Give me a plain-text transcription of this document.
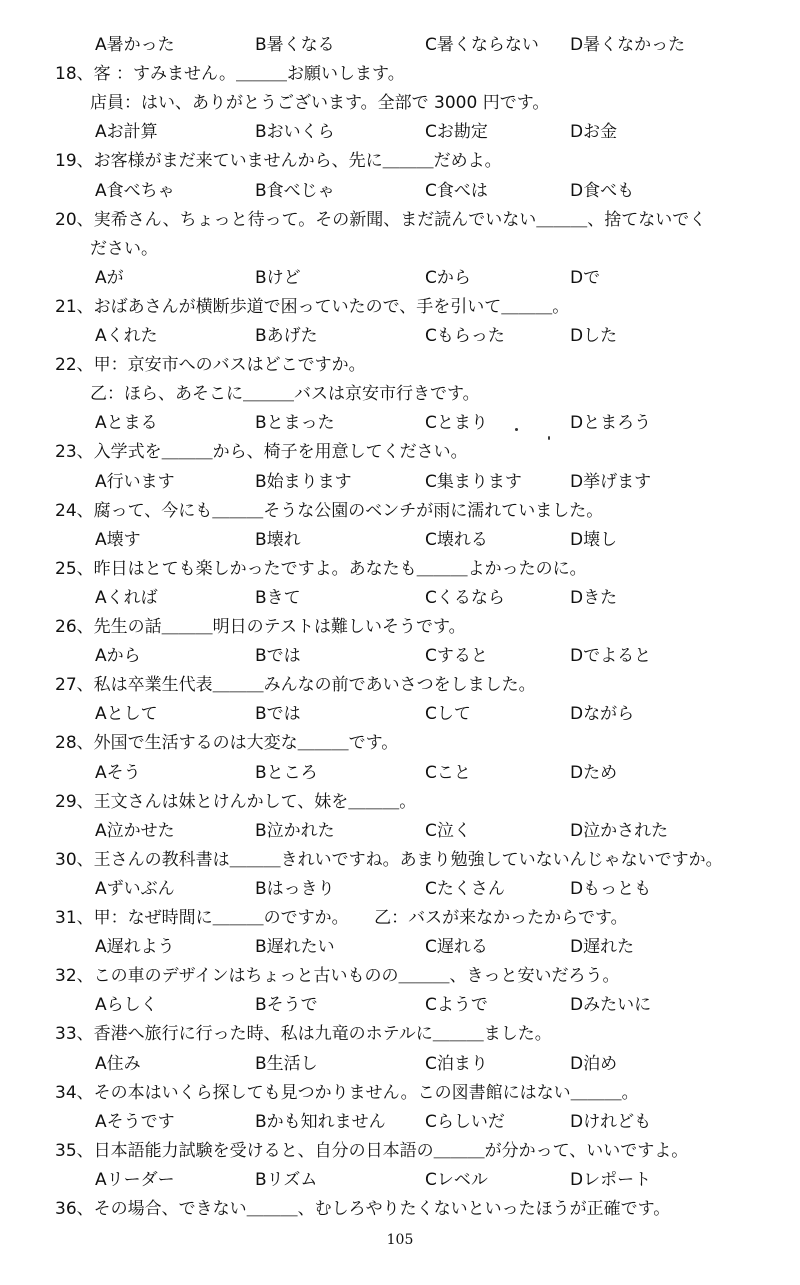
A暑かった	B暑くなる	C暑くならない D暑くなかった
18、客 ：すみません。＿＿＿お願いします。
店員：はい、ありがとうございます。全部で 3000 円です。
Aお計算	Bおいくら	Cお勘定	Dお金
19、お客様がまだ来ていませんから、先に＿＿＿だめよ。
A食べちゃ	B食べじゃ	C食べは	D食べも
20、実希さん、ちょっと待って。その新聞、まだ読んでいない＿＿＿、捨てないでく
ださい。
Aが	Bけど	Cから	Dで
21、おばあさんが横断歩道で困っていたので、手を引いて＿＿＿。
Aくれた	Bあげた	Cもらった	Dした
22、甲：京安市へのバスはどこですか。
乙：ほら、あそこに＿＿＿バスは京安市行きです。
Aとまる	Bとまった	Cとまり	Dとまろう
23、入学式を＿＿＿から、椅子を用意してください。
A行います	B始まります	C集まります	D挙げます
24、腐って、今にも＿＿＿そうな公園のベンチが雨に濡れていました。
A壊す	B壊れ	C壊れる	D壊し
25、昨日はとても楽しかったですよ。あなたも＿＿＿よかったのに。
Aくれば	Bきて	Cくるなら	Dきた
26、先生の話＿＿＿明日のテストは難しいそうです。
Aから	Bでは	Cすると	Dでよると
27、私は卒業生代表＿＿＿みんなの前であいさつをしました。
Aとして	Bでは	Cして	Dながら
28、外国で生活するのは大変な＿＿＿です。
Aそう	Bところ	Cこと	Dため
29、王文さんは妹とけんかして、妹を＿＿＿。
A泣かせた	B泣かれた	C泣く	D泣かされた
30、王さんの教科書は＿＿＿きれいですね。あまり勉強していないんじゃないですか。
Aずいぶん	Bはっきり	Cたくさん	Dもっとも
31、甲：なぜ時間に＿＿＿のですか。　　乙：バスが来なかったからです。
A遅れよう	B遅れたい	C遅れる	D遅れた
32、この車のデザインはちょっと古いものの＿＿＿、きっと安いだろう。
Aらしく	Bそうで	Cようで	Dみたいに
33、香港へ旅行に行った時、私は九竜のホテルに＿＿＿ました。
A住み	B生活し	C泊まり	D泊め
34、その本はいくら探しても見つかりません。この図書館にはない＿＿＿。
Aそうです	Bかも知れません Cらしいだ	Dけれども
35、日本語能力試験を受けると、自分の日本語の＿＿＿が分かって、いいですよ。
Aリーダー	Bリズム	Cレベル	Dレポート
36、その場合、できない＿＿＿、むしろやりたくないといったほうが正確です。
105
